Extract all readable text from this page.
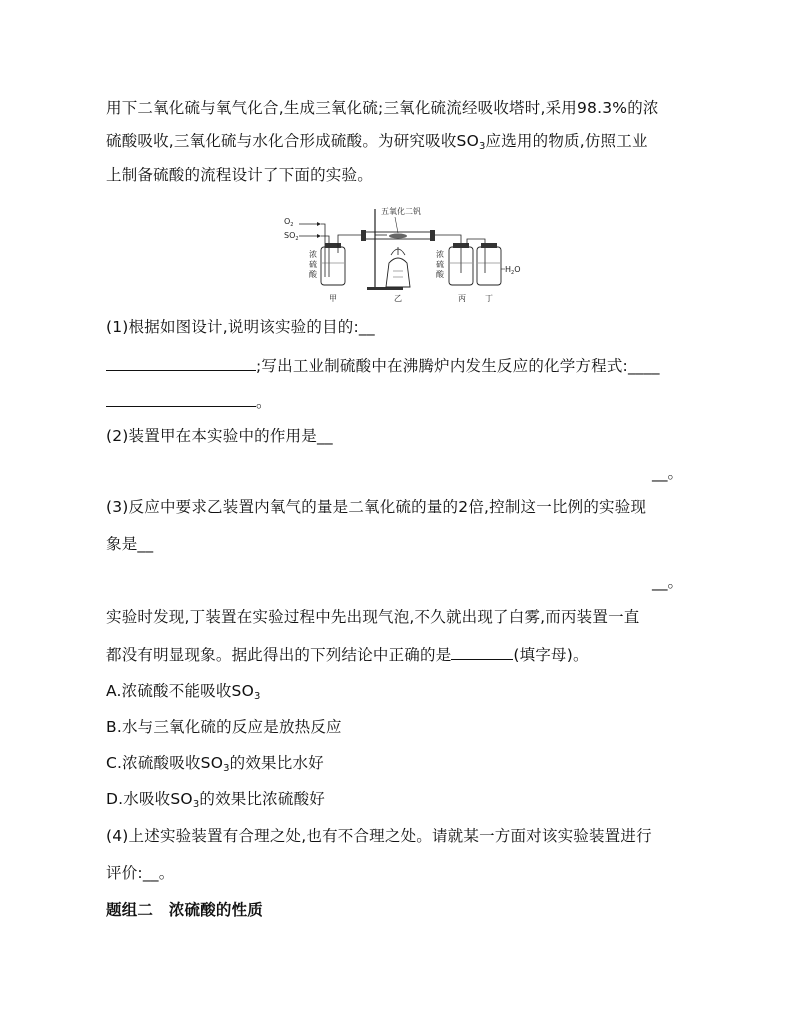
用下二氧化硫与氧气化合,生成三氧化硫;三氧化硫流经吸收塔时,采用98.3%的浓
硫酸吸收,三氧化硫与水化合形成硫酸。为研究吸收$SO_3$应选用的物质,仿照工业
上制备硫酸的流程设计了下面的实验。
$O_2$
$SO_2$
浓
硫
酸
五氧化二钒
浓
硫
酸
$H_2O$
甲	乙	丙 丁
(1)根据如图设计,说明该实验的目的:__
;写出工业制硫酸中在沸腾炉内发生反应的化学方程式:____
。
(2)装置甲在本实验中的作用是__
__。
(3)反应中要求乙装置内氧气的量是二氧化硫的量的2倍,控制这一比例的实验现
象是__
__。
实验时发现,丁装置在实验过程中先出现气泡,不久就出现了白雾,而丙装置一直
都没有明显现象。据此得出的下列结论中正确的是	(填字母)。
A.浓硫酸不能吸收$SO_3$
B.水与三氧化硫的反应是放热反应
C.浓硫酸吸收$SO_3$的效果比水好
D.水吸收$SO_3$的效果比浓硫酸好
(4)上述实验装置有合理之处,也有不合理之处。请就某一方面对该实验装置进行
评价:__。
题组二　浓硫酸的性质
